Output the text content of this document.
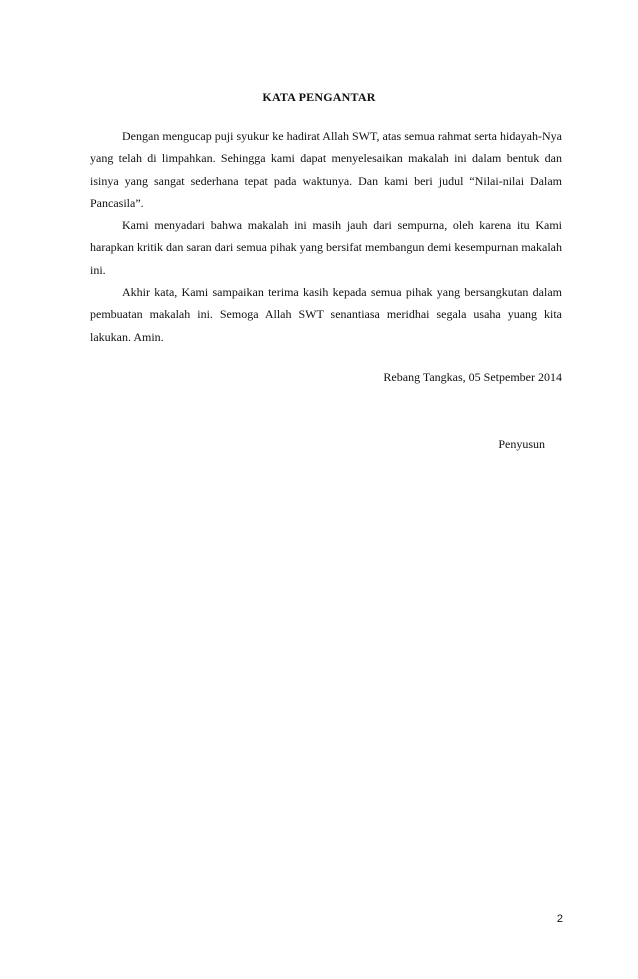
KATA PENGANTAR

Dengan mengucap puji syukur ke hadirat Allah SWT, atas semua rahmat serta hidayah-Nya yang telah di limpahkan. Sehingga kami dapat menyelesaikan makalah ini dalam bentuk dan isinya yang sangat sederhana tepat pada waktunya. Dan kami beri judul “Nilai-nilai Dalam Pancasila”.

Kami menyadari bahwa makalah ini masih jauh dari sempurna, oleh karena itu Kami harapkan kritik dan saran dari semua pihak yang bersifat membangun demi kesempurnan makalah ini.

Akhir kata, Kami sampaikan terima kasih kepada semua pihak yang bersangkutan dalam pembuatan makalah ini. Semoga Allah SWT senantiasa meridhai segala usaha yuang kita lakukan. Amin.

Rebang Tangkas, 05 Setpember 2014
Penyusun
2
